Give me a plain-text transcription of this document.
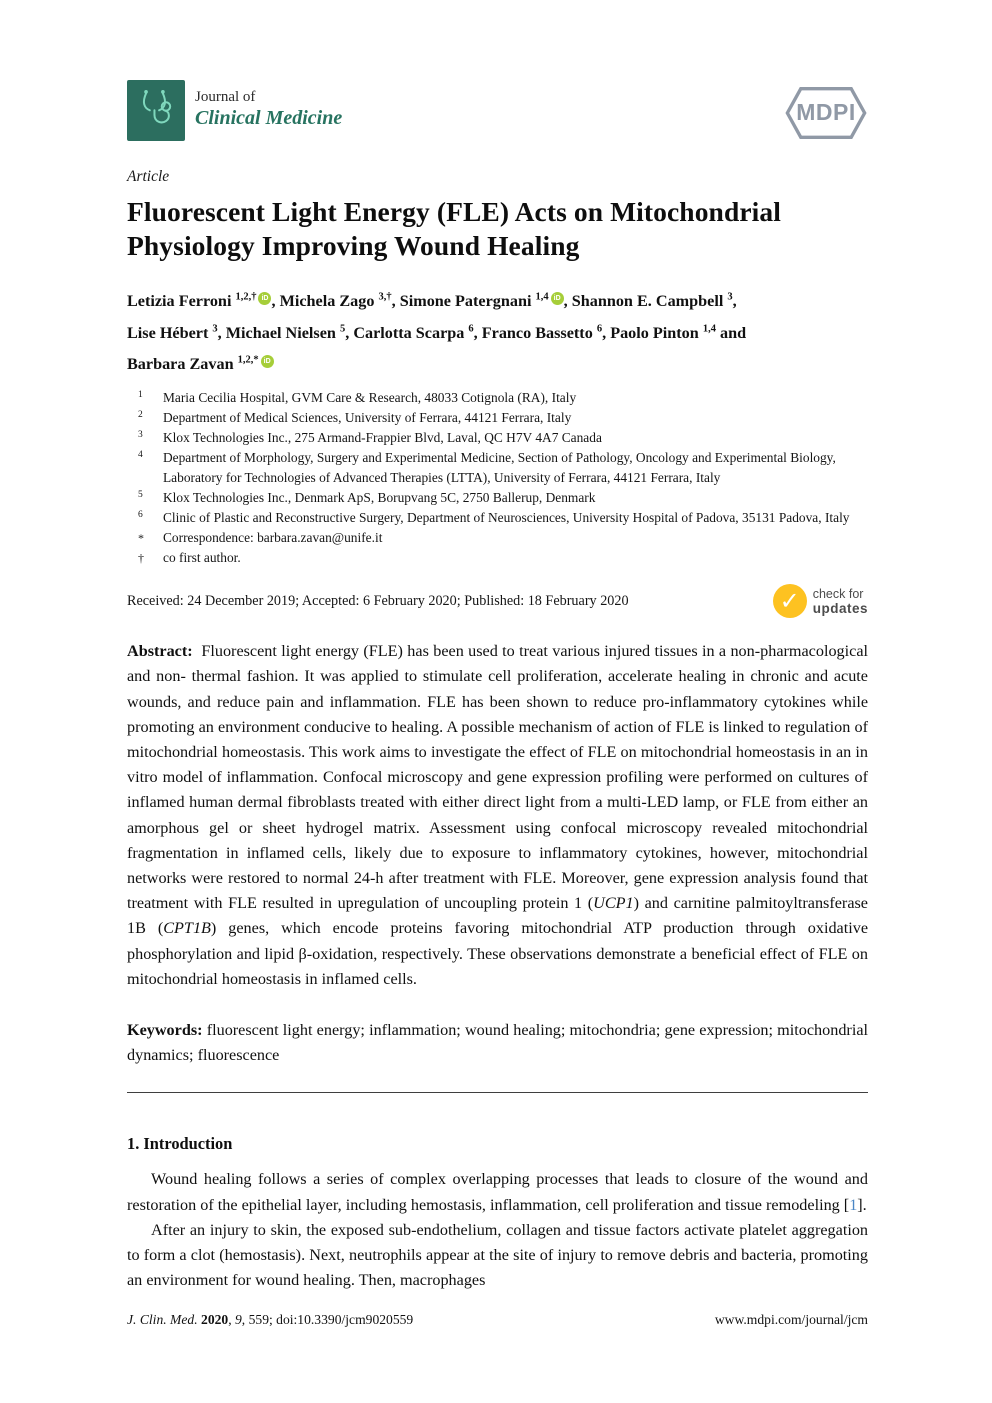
Journal of
Clinical Medicine	MDPI
Article
Fluorescent Light Energy (FLE) Acts on Mitochondrial Physiology Improving Wound Healing
Letizia Ferroni $^{1,2,\dagger}$ iD , Michela Zago $^{3,\dagger}$, Simone Patergnani $^{1,4}$ iD , Shannon E. Campbell $^3$,
Lise Hébert $^3$, Michael Nielsen $^5$, Carlotta Scarpa $^6$, Franco Bassetto $^6$, Paolo Pinton $^{1,4}$ and
Barbara Zavan $^{1,2,*}$ iD
1	Maria Cecilia Hospital, GVM Care & Research, 48033 Cotignola (RA), Italy
2	Department of Medical Sciences, University of Ferrara, 44121 Ferrara, Italy
3	Klox Technologies Inc., 275 Armand-Frappier Blvd, Laval, QC H7V 4A7 Canada
4	Department of Morphology, Surgery and Experimental Medicine, Section of Pathology, Oncology and Experimental Biology, Laboratory for Technologies of Advanced Therapies (LTTA), University of Ferrara, 44121 Ferrara, Italy
5	Klox Technologies Inc., Denmark ApS, Borupvang 5C, 2750 Ballerup, Denmark
6	Clinic of Plastic and Reconstructive Surgery, Department of Neurosciences, University Hospital of Padova, 35131 Padova, Italy
*	Correspondence: barbara.zavan@unife.it
†	co first author.
Received: 24 December 2019; Accepted: 6 February 2020; Published: 18 February 2020	✓ check for
updates

Abstract: Fluorescent light energy (FLE) has been used to treat various injured tissues in a non-pharmacological and non- thermal fashion. It was applied to stimulate cell proliferation, accelerate healing in chronic and acute wounds, and reduce pain and inflammation. FLE has been shown to reduce pro-inflammatory cytokines while promoting an environment conducive to healing. A possible mechanism of action of FLE is linked to regulation of mitochondrial homeostasis. This work aims to investigate the effect of FLE on mitochondrial homeostasis in an in vitro model of inflammation. Confocal microscopy and gene expression profiling were performed on cultures of inflamed human dermal fibroblasts treated with either direct light from a multi-LED lamp, or FLE from either an amorphous gel or sheet hydrogel matrix. Assessment using confocal microscopy revealed mitochondrial fragmentation in inflamed cells, likely due to exposure to inflammatory cytokines, however, mitochondrial networks were restored to normal 24-h after treatment with FLE. Moreover, gene expression analysis found that treatment with FLE resulted in upregulation of uncoupling protein 1 (UCP1) and carnitine palmitoyltransferase 1B (CPT1B) genes, which encode proteins favoring mitochondrial ATP production through oxidative phosphorylation and lipid β-oxidation, respectively. These observations demonstrate a beneficial effect of FLE on mitochondrial homeostasis in inflamed cells.

Keywords: fluorescent light energy; inflammation; wound healing; mitochondria; gene expression; mitochondrial dynamics; fluorescence

1. Introduction

Wound healing follows a series of complex overlapping processes that leads to closure of the wound and restoration of the epithelial layer, including hemostasis, inflammation, cell proliferation and tissue remodeling [1].

After an injury to skin, the exposed sub-endothelium, collagen and tissue factors activate platelet aggregation to form a clot (hemostasis). Next, neutrophils appear at the site of injury to remove debris and bacteria, promoting an environment for wound healing. Then, macrophages

J. Clin. Med. 2020, 9, 559; doi:10.3390/jcm9020559	www.mdpi.com/journal/jcm
